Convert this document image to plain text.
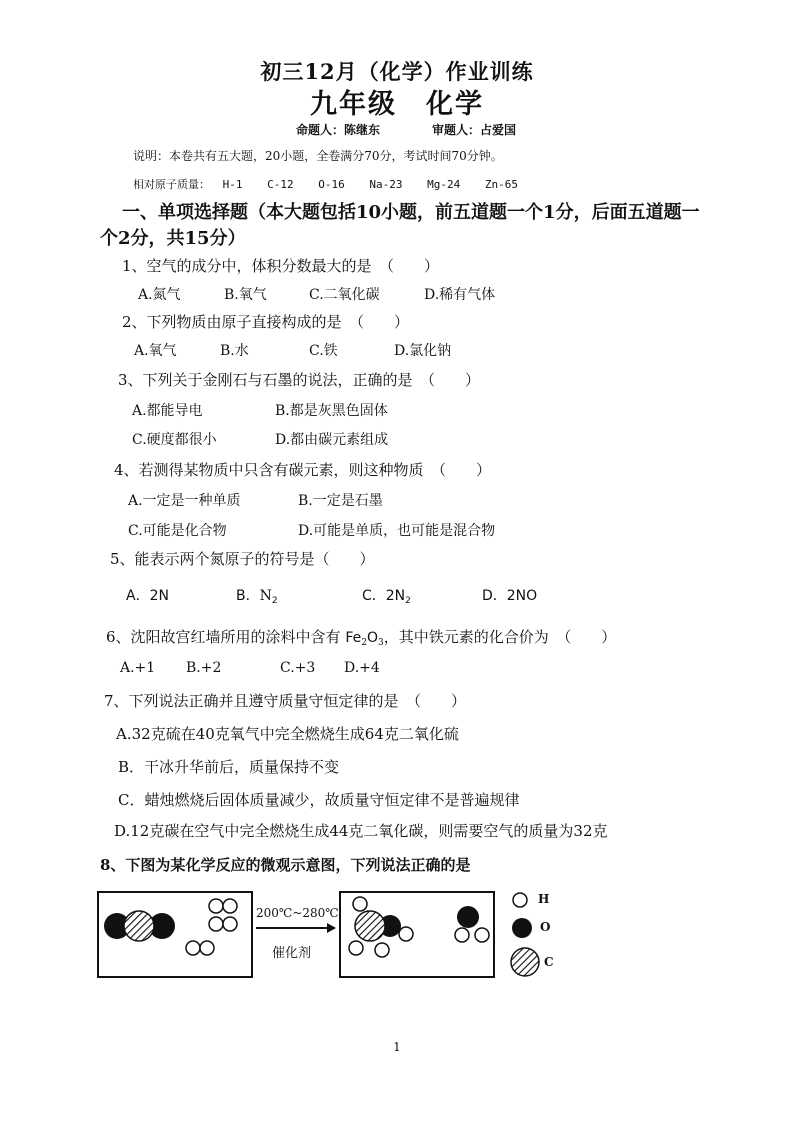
初三12月（化学）作业训练
九年级　化学
命题人：陈继东	审题人：占爱国
说明：本卷共有五大题，20小题，全卷满分70分，考试时间70分钟。
相对原子质量： H-1 C-12 O-16 Na-23 Mg-24 Zn-65
一、单项选择题（本大题包括10小题，前五道题一个1分，后面五道题一
个2分，共15分）
1、空气的成分中，体积分数最大的是　（　　）
A.氮气	B.氧气	C.二氧化碳	D.稀有气体
2、下列物质由原子直接构成的是　（　　）
A.氧气	B.水	C.铁	D.氯化钠
3、下列关于金刚石与石墨的说法，正确的是　（　　）
A.都能导电	B.都是灰黑色固体
C.硬度都很小	D.都由碳元素组成
4、若测得某物质中只含有碳元素，则这种物质　（　　）
A.一定是一种单质	B.一定是石墨
C.可能是化合物	D.可能是单质，也可能是混合物
5、能表示两个氮原子的符号是（　　）
A．2N	B．$N_2$	C．$2N_2$	D．2NO
6、沈阳故宫红墙所用的涂料中含有 $Fe_2O_3$，其中铁元素的化合价为　（　　）
A.+1 B.+2	C.+3 D.+4
7、下列说法正确并且遵守质量守恒定律的是　（　　）
A.32克硫在40克氧气中完全燃烧生成64克二氧化硫
B．干冰升华前后，质量保持不变
C．蜡烛燃烧后固体质量减少，故质量守恒定律不是普遍规律
D.12克碳在空气中完全燃烧生成44克二氧化碳，则需要空气的质量为32克
8、下图为某化学反应的微观示意图，下列说法正确的是
200℃~280℃
催化剂
H
O
C
1
